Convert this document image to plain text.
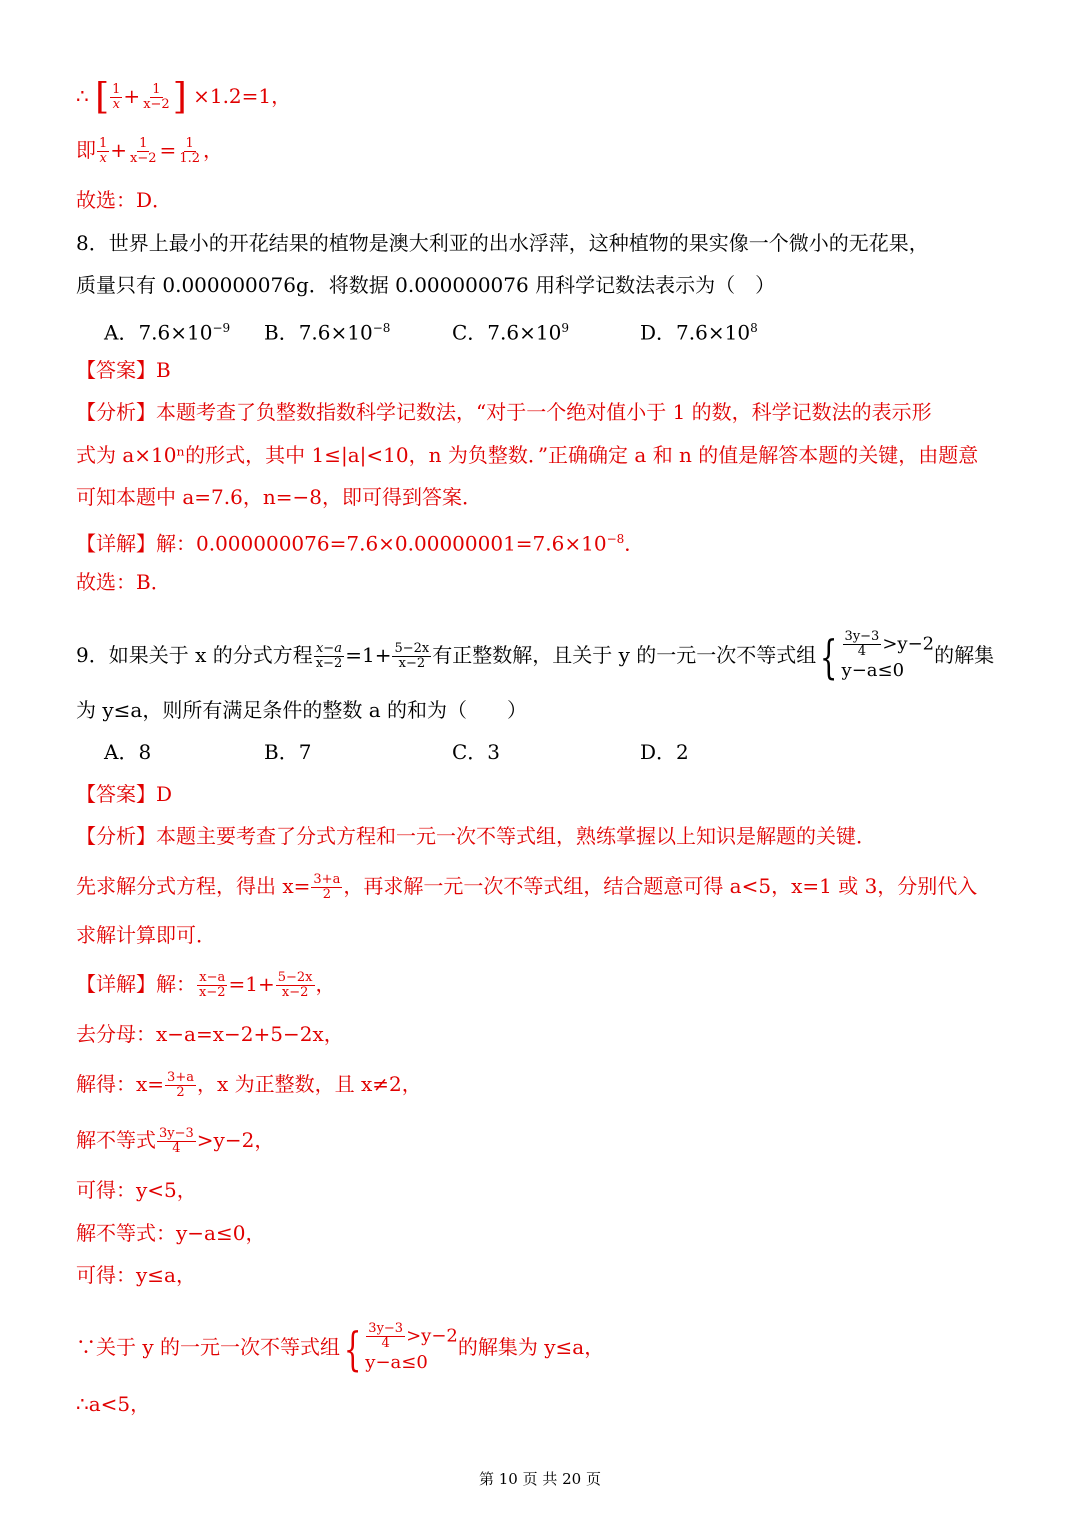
∴ [ $\frac{1}{x} + \frac{1}{x-2}$ ] ×1.2=1，
即 $\frac{1}{x} + \frac{1}{x-2} = \frac{1}{1.2}$ ，
故选：D．
8．世界上最小的开花结果的植物是澳大利亚的出水浮萍，这种植物的果实像一个微小的无花果，
质量只有 0.000000076g．将数据 0.000000076 用科学记数法表示为（　）
A．$7.6\times 10^{-9}$ B．$7.6\times 10^{-8}$	C．$7.6\times 10^9$	D．$7.6\times 10^8$
【答案】B
【分析】本题考查了负整数指数科学记数法，“对于一个绝对值小于 1 的数，科学记数法的表示形
式为 a×10ⁿ的形式，其中 1≤|a|<10，n 为负整数．”正确确定 a 和 n 的值是解答本题的关键，由题意
可知本题中 a=7.6，n=−8，即可得到答案．
【详解】解：$0.000000076=7.6\times 0.00000001=7.6\times 10^{-8}$．
故选：B．
9．如果关于 x 的分式方程 $\frac{x-a}{x-2} =1+ \frac{5-2x}{x-2}$ 有正整数解，且关于 y 的一元一次不等式组{ $\frac{3y-3}{4} >y-2$
y−a≤0
的解集
为 y≤a，则所有满足条件的整数 a 的和为（　　）
A．8	B．7	C．3	D．2
【答案】D
【分析】本题主要考查了分式方程和一元一次不等式组，熟练掌握以上知识是解题的关键．
先求解分式方程，得出 $x= \frac{3+a}{2}$ ，再求解一元一次不等式组，结合题意可得 a<5，x=1 或 3，分别代入
求解计算即可．
【详解】解： $\frac{x-a}{x-2} =1+ \frac{5-2x}{x-2}$ ，
去分母：x−a=x−2+5−2x，
解得：$x= \frac{3+a}{2}$ ，x 为正整数，且 x≠2，
解不等式 $\frac{3y-3}{4} >y-2$，
可得：y<5，
解不等式：y−a≤0，
可得：y≤a，
∵关于 y 的一元一次不等式组{ $\frac{3y-3}{4} >y-2$
y−a≤0
的解集为 y≤a，
∴a<5，
第 10 页 共 20 页
